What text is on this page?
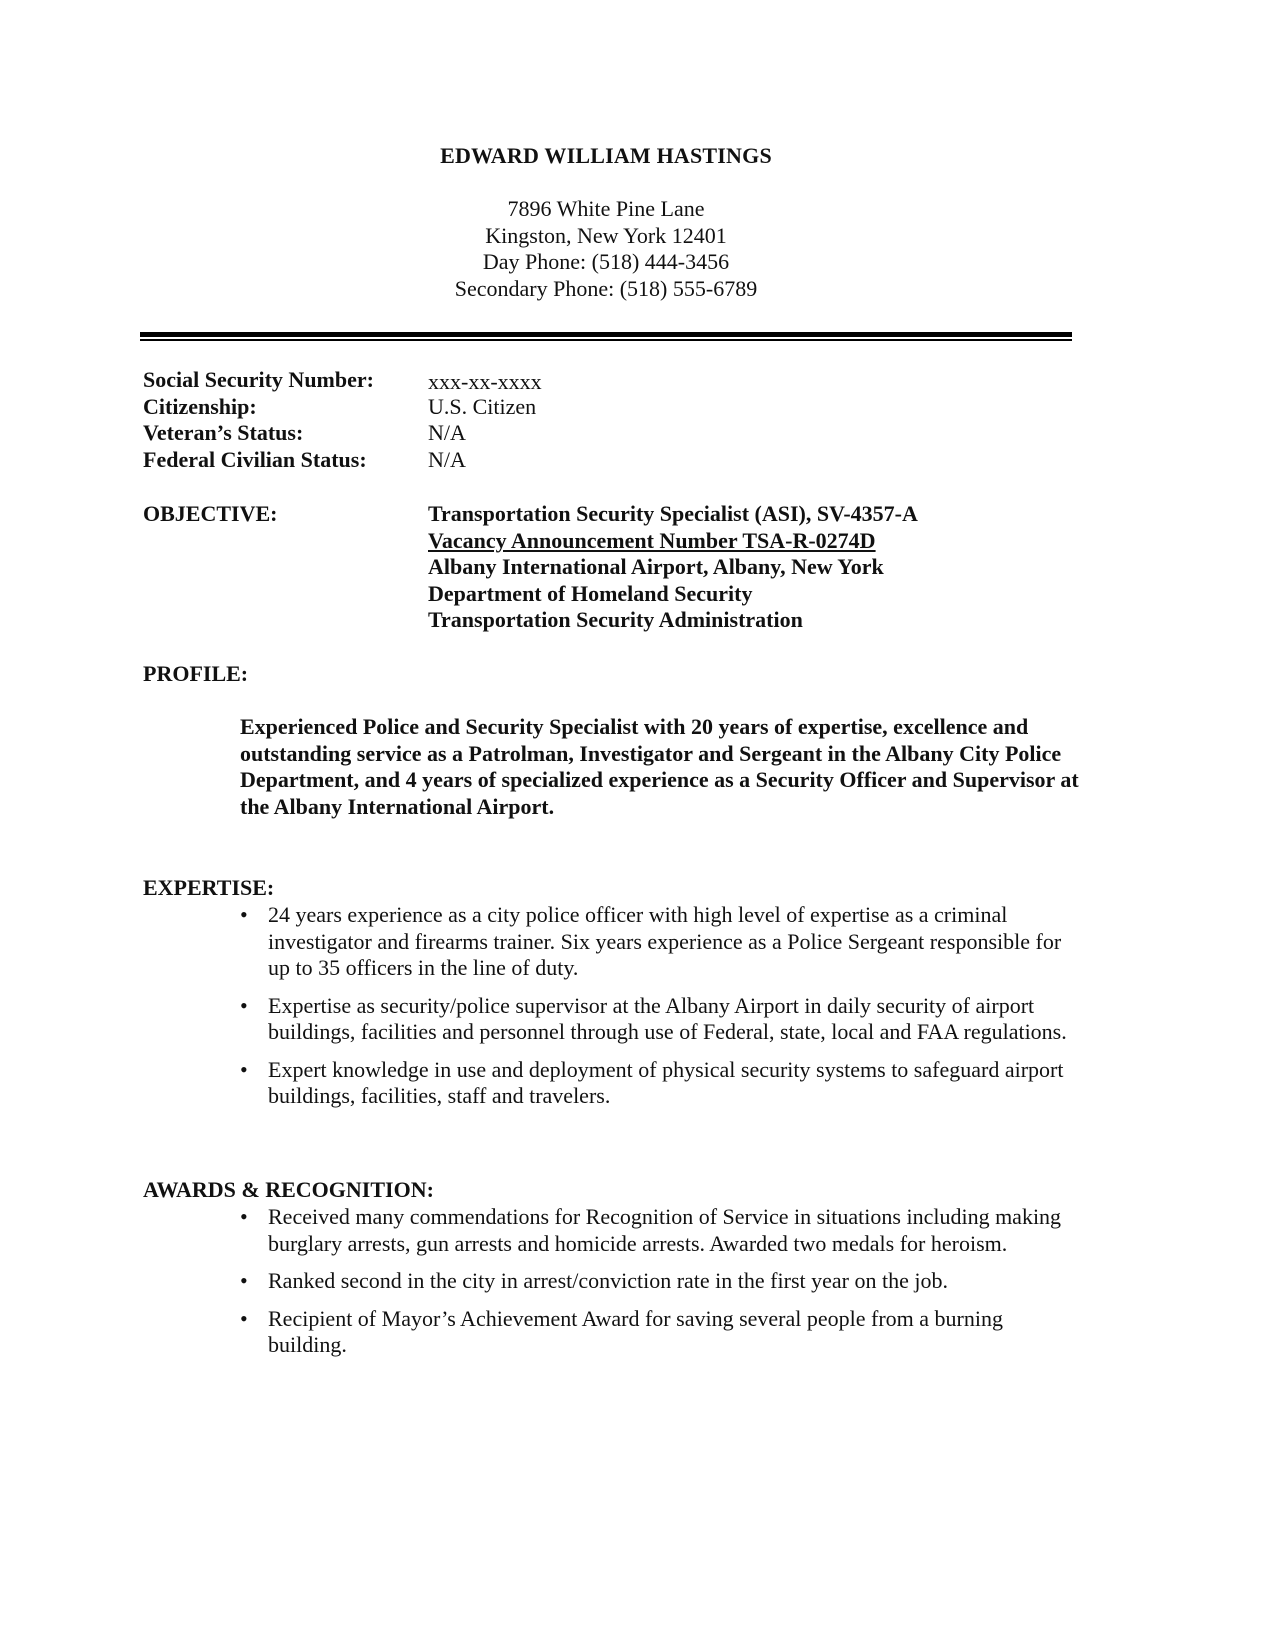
EDWARD WILLIAM HASTINGS
7896 White Pine Lane
Kingston, New York 12401
Day Phone: (518) 444-3456
Secondary Phone: (518) 555-6789
Social Security Number: xxx-xx-xxxx
Citizenship:	U.S. Citizen
Veteran’s Status:	N/A
Federal Civilian Status:	N/A
OBJECTIVE:	Transportation Security Specialist (ASI), SV-4357-A
Vacancy Announcement Number TSA-R-0274D
Albany International Airport, Albany, New York
Department of Homeland Security
Transportation Security Administration
PROFILE:
Experienced Police and Security Specialist with 20 years of expertise, excellence and outstanding service as a Patrolman, Investigator and Sergeant in the Albany City Police Department, and 4 years of specialized experience as a Security Officer and Supervisor at the Albany International Airport.
EXPERTISE:
• 24 years experience as a city police officer with high level of expertise as a criminal investigator and firearms trainer. Six years experience as a Police Sergeant responsible for up to 35 officers in the line of duty.
• Expertise as security/police supervisor at the Albany Airport in daily security of airport buildings, facilities and personnel through use of Federal, state, local and FAA regulations.
• Expert knowledge in use and deployment of physical security systems to safeguard airport buildings, facilities, staff and travelers.
AWARDS & RECOGNITION:
• Received many commendations for Recognition of Service in situations including making burglary arrests, gun arrests and homicide arrests. Awarded two medals for heroism.
• Ranked second in the city in arrest/conviction rate in the first year on the job.
• Recipient of Mayor’s Achievement Award for saving several people from a burning building.
